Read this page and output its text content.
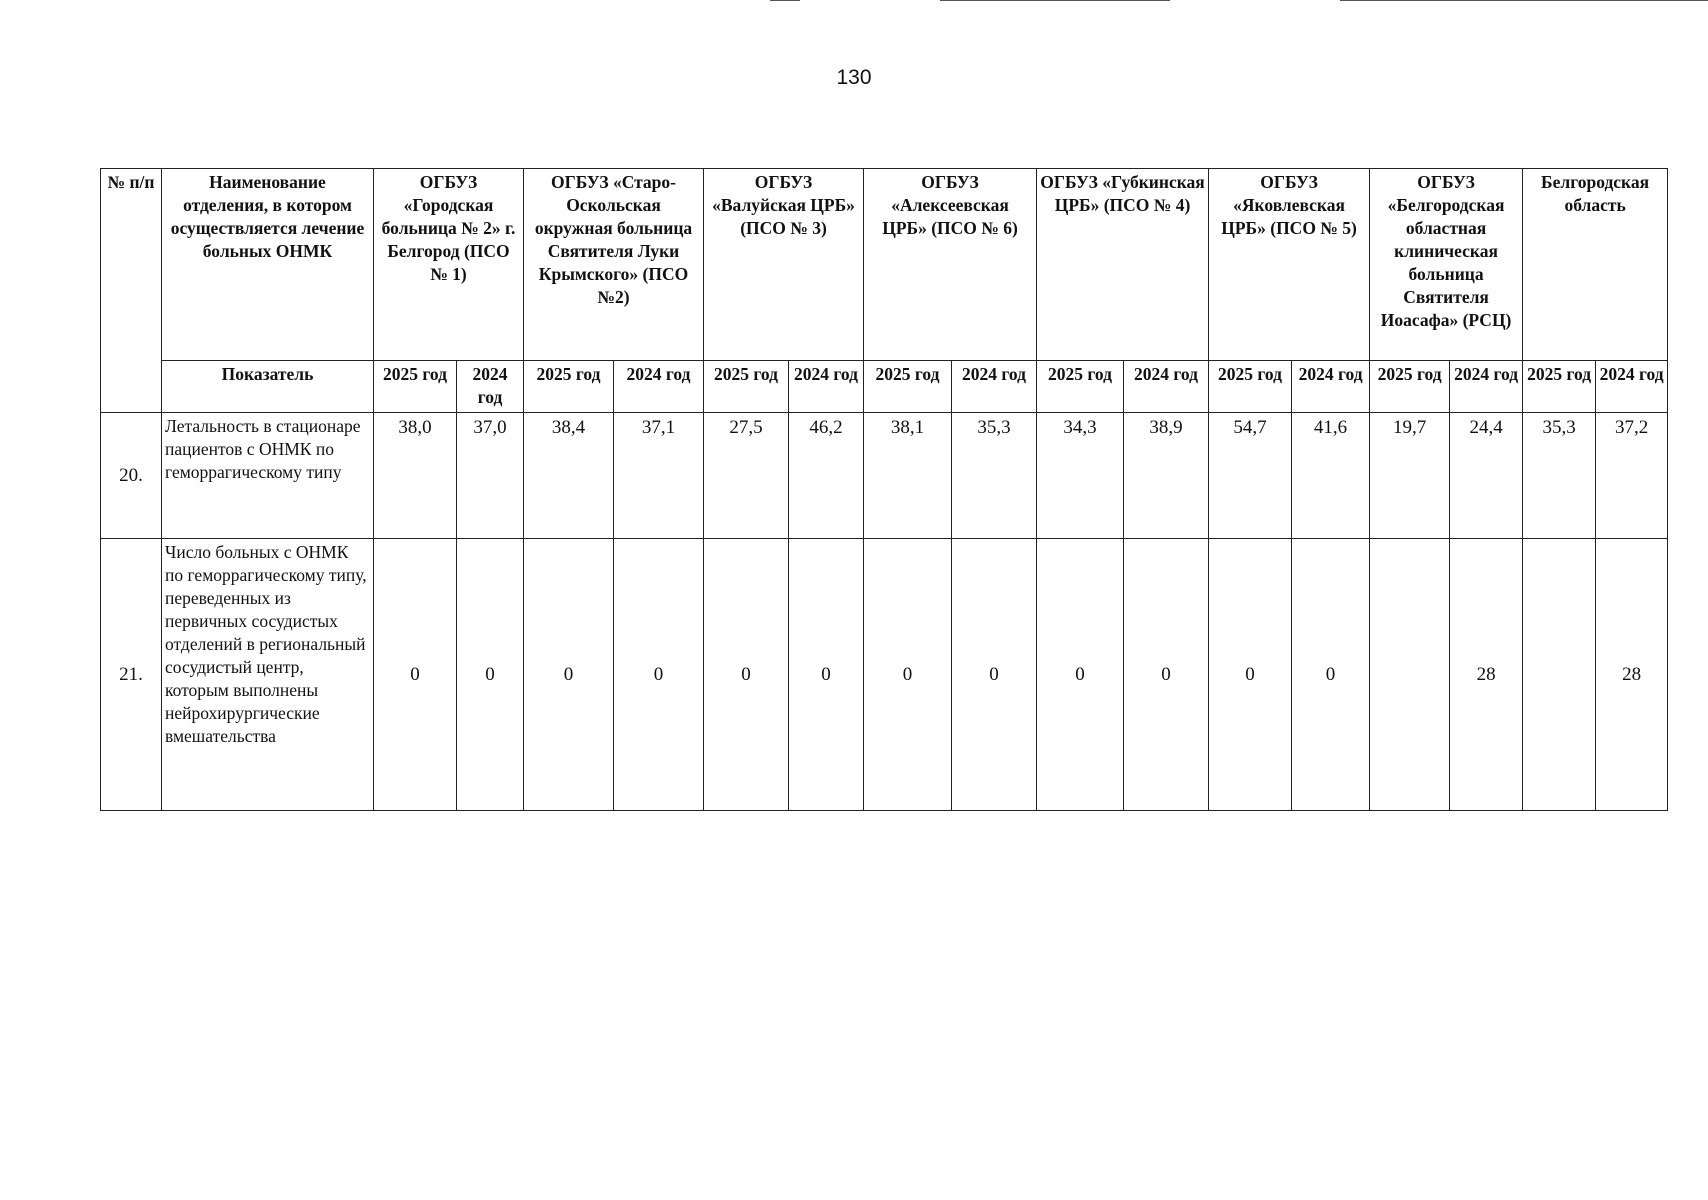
130
№ п/п	Наименование отделения, в котором осуществляется лечение больных ОНМК	ОГБУЗ «Городская больница № 2» г. Белгород (ПСО № 1)		ОГБУЗ «Старо-Оскольская окружная больница Святителя Луки Крымского» (ПСО №2)		ОГБУЗ «Валуйская ЦРБ» (ПСО № 3)		ОГБУЗ «Алексеевская ЦРБ» (ПСО № 6)		ОГБУЗ «Губкинская ЦРБ» (ПСО № 4)		ОГБУЗ «Яковлевская ЦРБ» (ПСО № 5)		ОГБУЗ «Белгородская областная клиническая больница Святителя Иоасафа» (РСЦ)		Белгородская область	
	Показатель	2025 год	2024 год	2025 год	2024 год	2025 год	2024 год	2025 год	2024 год	2025 год	2024 год	2025 год	2024 год	2025 год	2024 год	2025 год	2024 год
20.	Летальность в стационаре пациентов с ОНМК по геморрагическому типу	38,0	37,0	38,4	37,1	27,5	46,2	38,1	35,3	34,3	38,9	54,7	41,6	19,7	24,4	35,3	37,2
21.	Число больных с ОНМК по геморрагическому типу, переведенных из первичных сосудистых отделений в региональный сосудистый центр, которым выполнены нейрохирургические вмешательства	0	0	0	0	0	0	0	0	0	0	0	0		28		28
